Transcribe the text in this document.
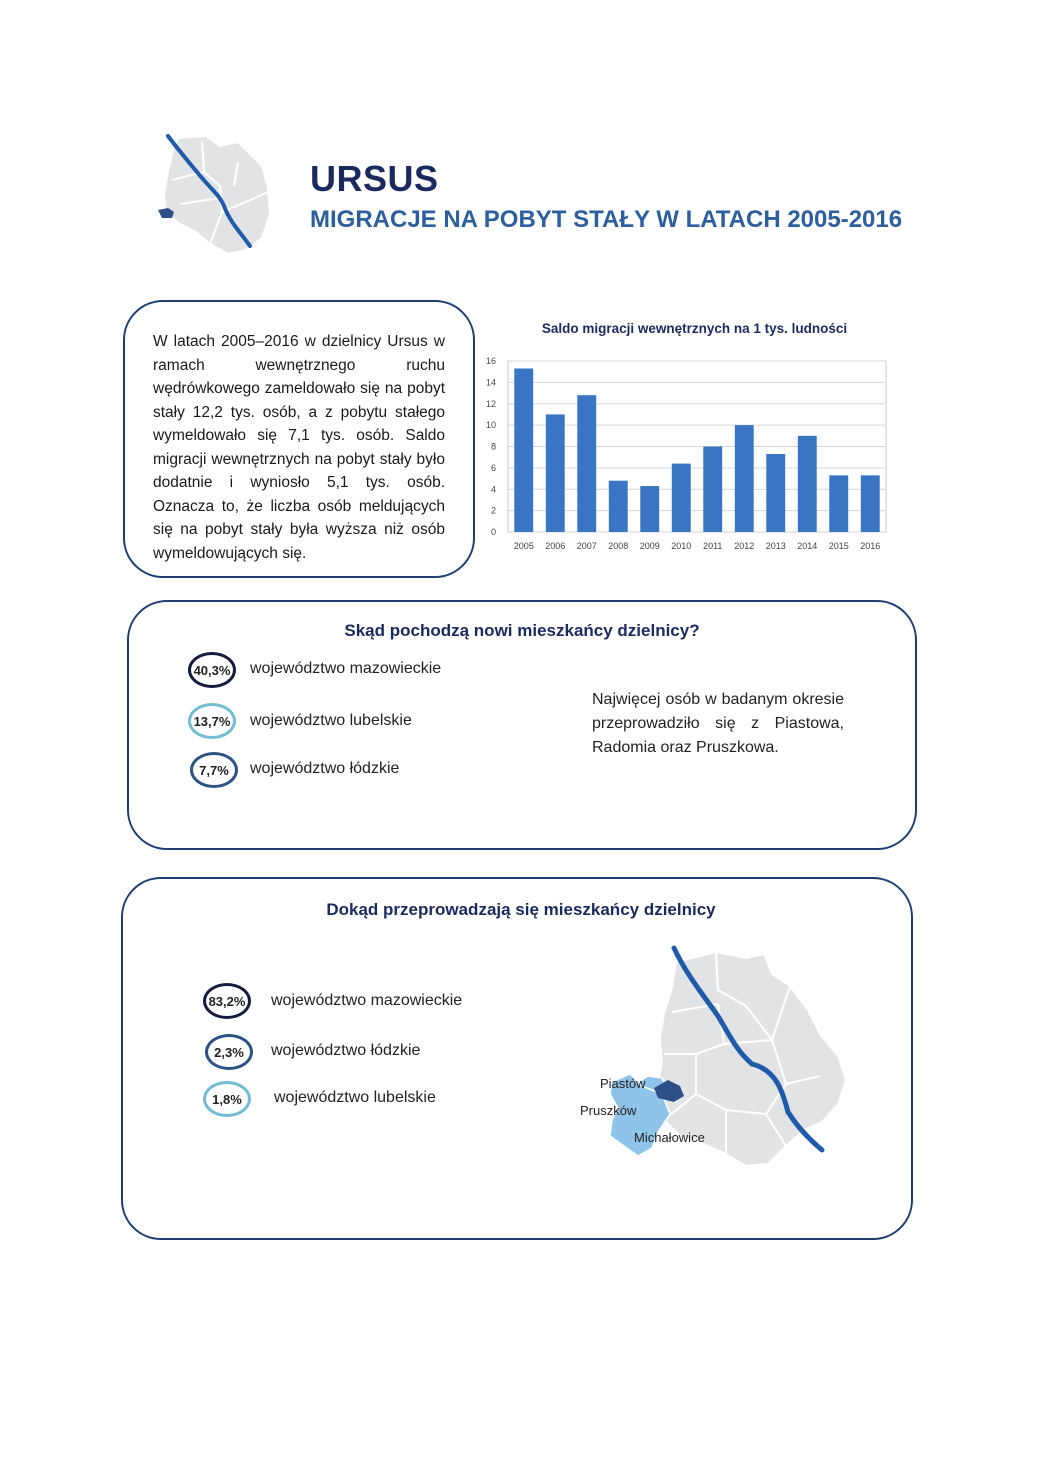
URSUS
MIGRACJE NA POBYT STAŁY W LATACH 2005-2016
W latach 2005–2016 w dzielnicy Ursus w ramach wewnętrznego ruchu wędrówkowego zameldowało się na pobyt stały 12,2 tys. osób, a z pobytu stałego wymeldowało się 7,1 tys. osób. Saldo migracji wewnętrznych na pobyt stały było dodatnie i wyniosło 5,1 tys. osób. Oznacza to, że liczba osób meldujących się na pobyt stały była wyższa niż osób wymeldowujących się.
Saldo migracji wewnętrznych na 1 tys. ludności
0
2
4
6
8
10
12
14
16
2005 2006 2007 2008 2009 2010 2011 2012 2013 2014 2015 2016
Skąd pochodzą nowi mieszkańcy dzielnicy?
40,3%	województwo mazowieckie
13,7%	województwo lubelskie
7,7%	województwo łódzkie
Najwięcej osób w badanym okresie przeprowadziło się z Piastowa, Radomia oraz Pruszkowa.
Dokąd przeprowadzają się mieszkańcy dzielnicy
83,2%	województwo mazowieckie
2,3%	województwo łódzkie
1,8%	województwo lubelskie
Piastów
Pruszków
Michałowice	Wisła
